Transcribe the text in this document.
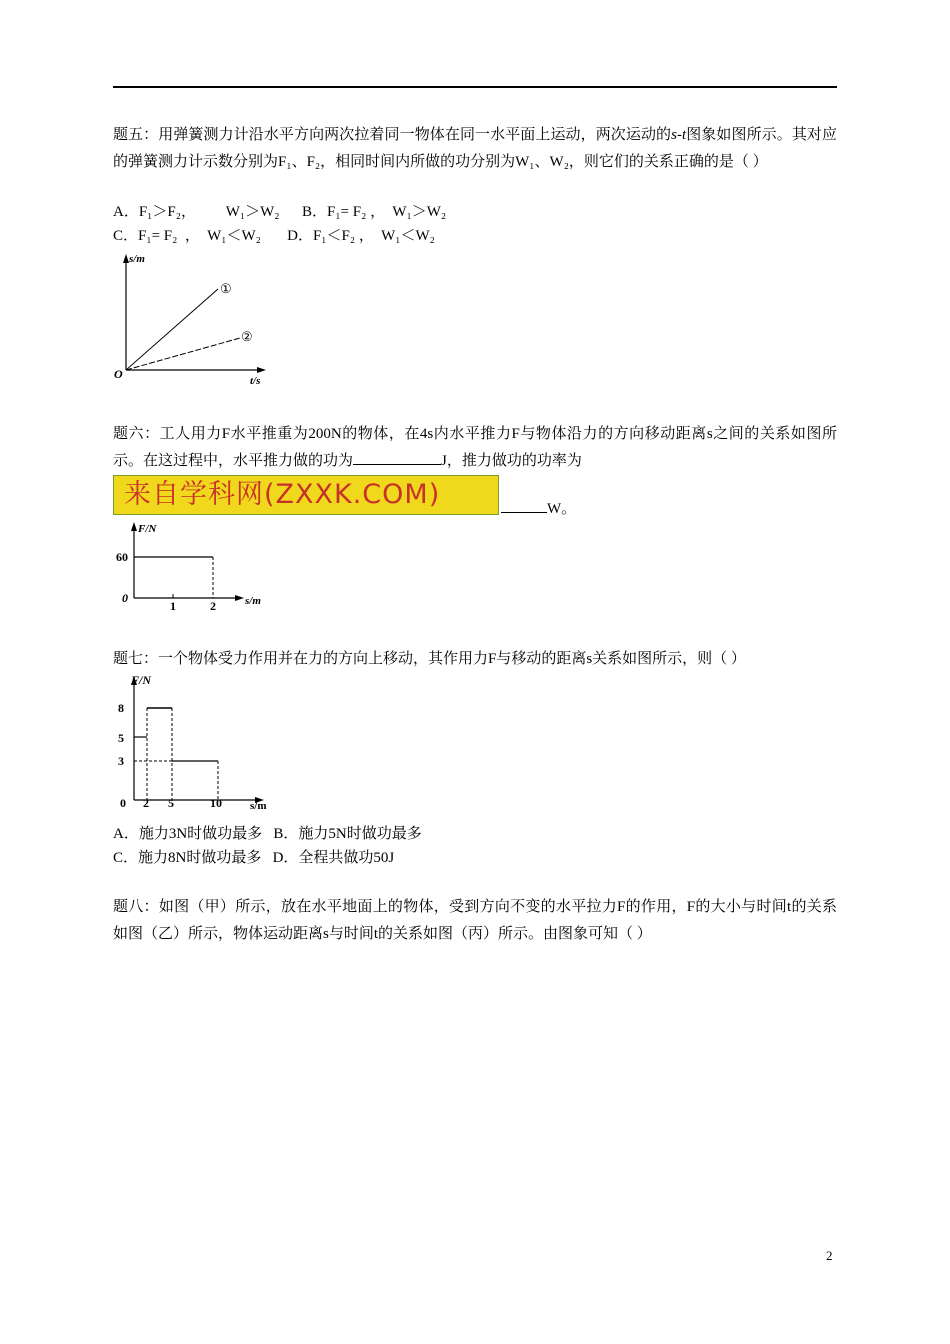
题五：用弹簧测力计沿水平方向两次拉着同一物体在同一水平面上运动，两次运动的s-t图象如图所示。其对应的弹簧测力计示数分别为F₁、F₂，相同时间内所做的功分别为W₁、W₂，则它们的关系正确的是（ ）

A．F₁＞F₂，        W₁＞W₂ B．F₁= F₂ ，  W₁＞W₂
C．F₁= F₂  ，  W₁＜W₂ D．F₁＜F₂ ，  W₁＜W₂
s/m
t/s
O
①
②

题六：工人用力F水平推重为200N的物体，在4s内水平推力F与物体沿力的方向移动距离s之间的关系如图所示。在这过程中，水平推力做的功为	J，推力做功的功率为

来自学科网(ZXXK.COM)	W。
F/N
s/m
60
0
1	2

题七：一个物体受力作用并在力的方向上移动，其作用力F与移动的距离s关系如图所示，则（ ）

F/N
s/m
8
5
3
0 2 5	10
A．施力3N时做功最多 B．施力5N时做功最多
C．施力8N时做功最多 D．全程共做功50J

题八：如图（甲）所示，放在水平地面上的物体，受到方向不变的水平拉力F的作用，F的大小与时间t的关系如图（乙）所示，物体运动距离s与时间t的关系如图（丙）所示。由图象可知（ ）

2
